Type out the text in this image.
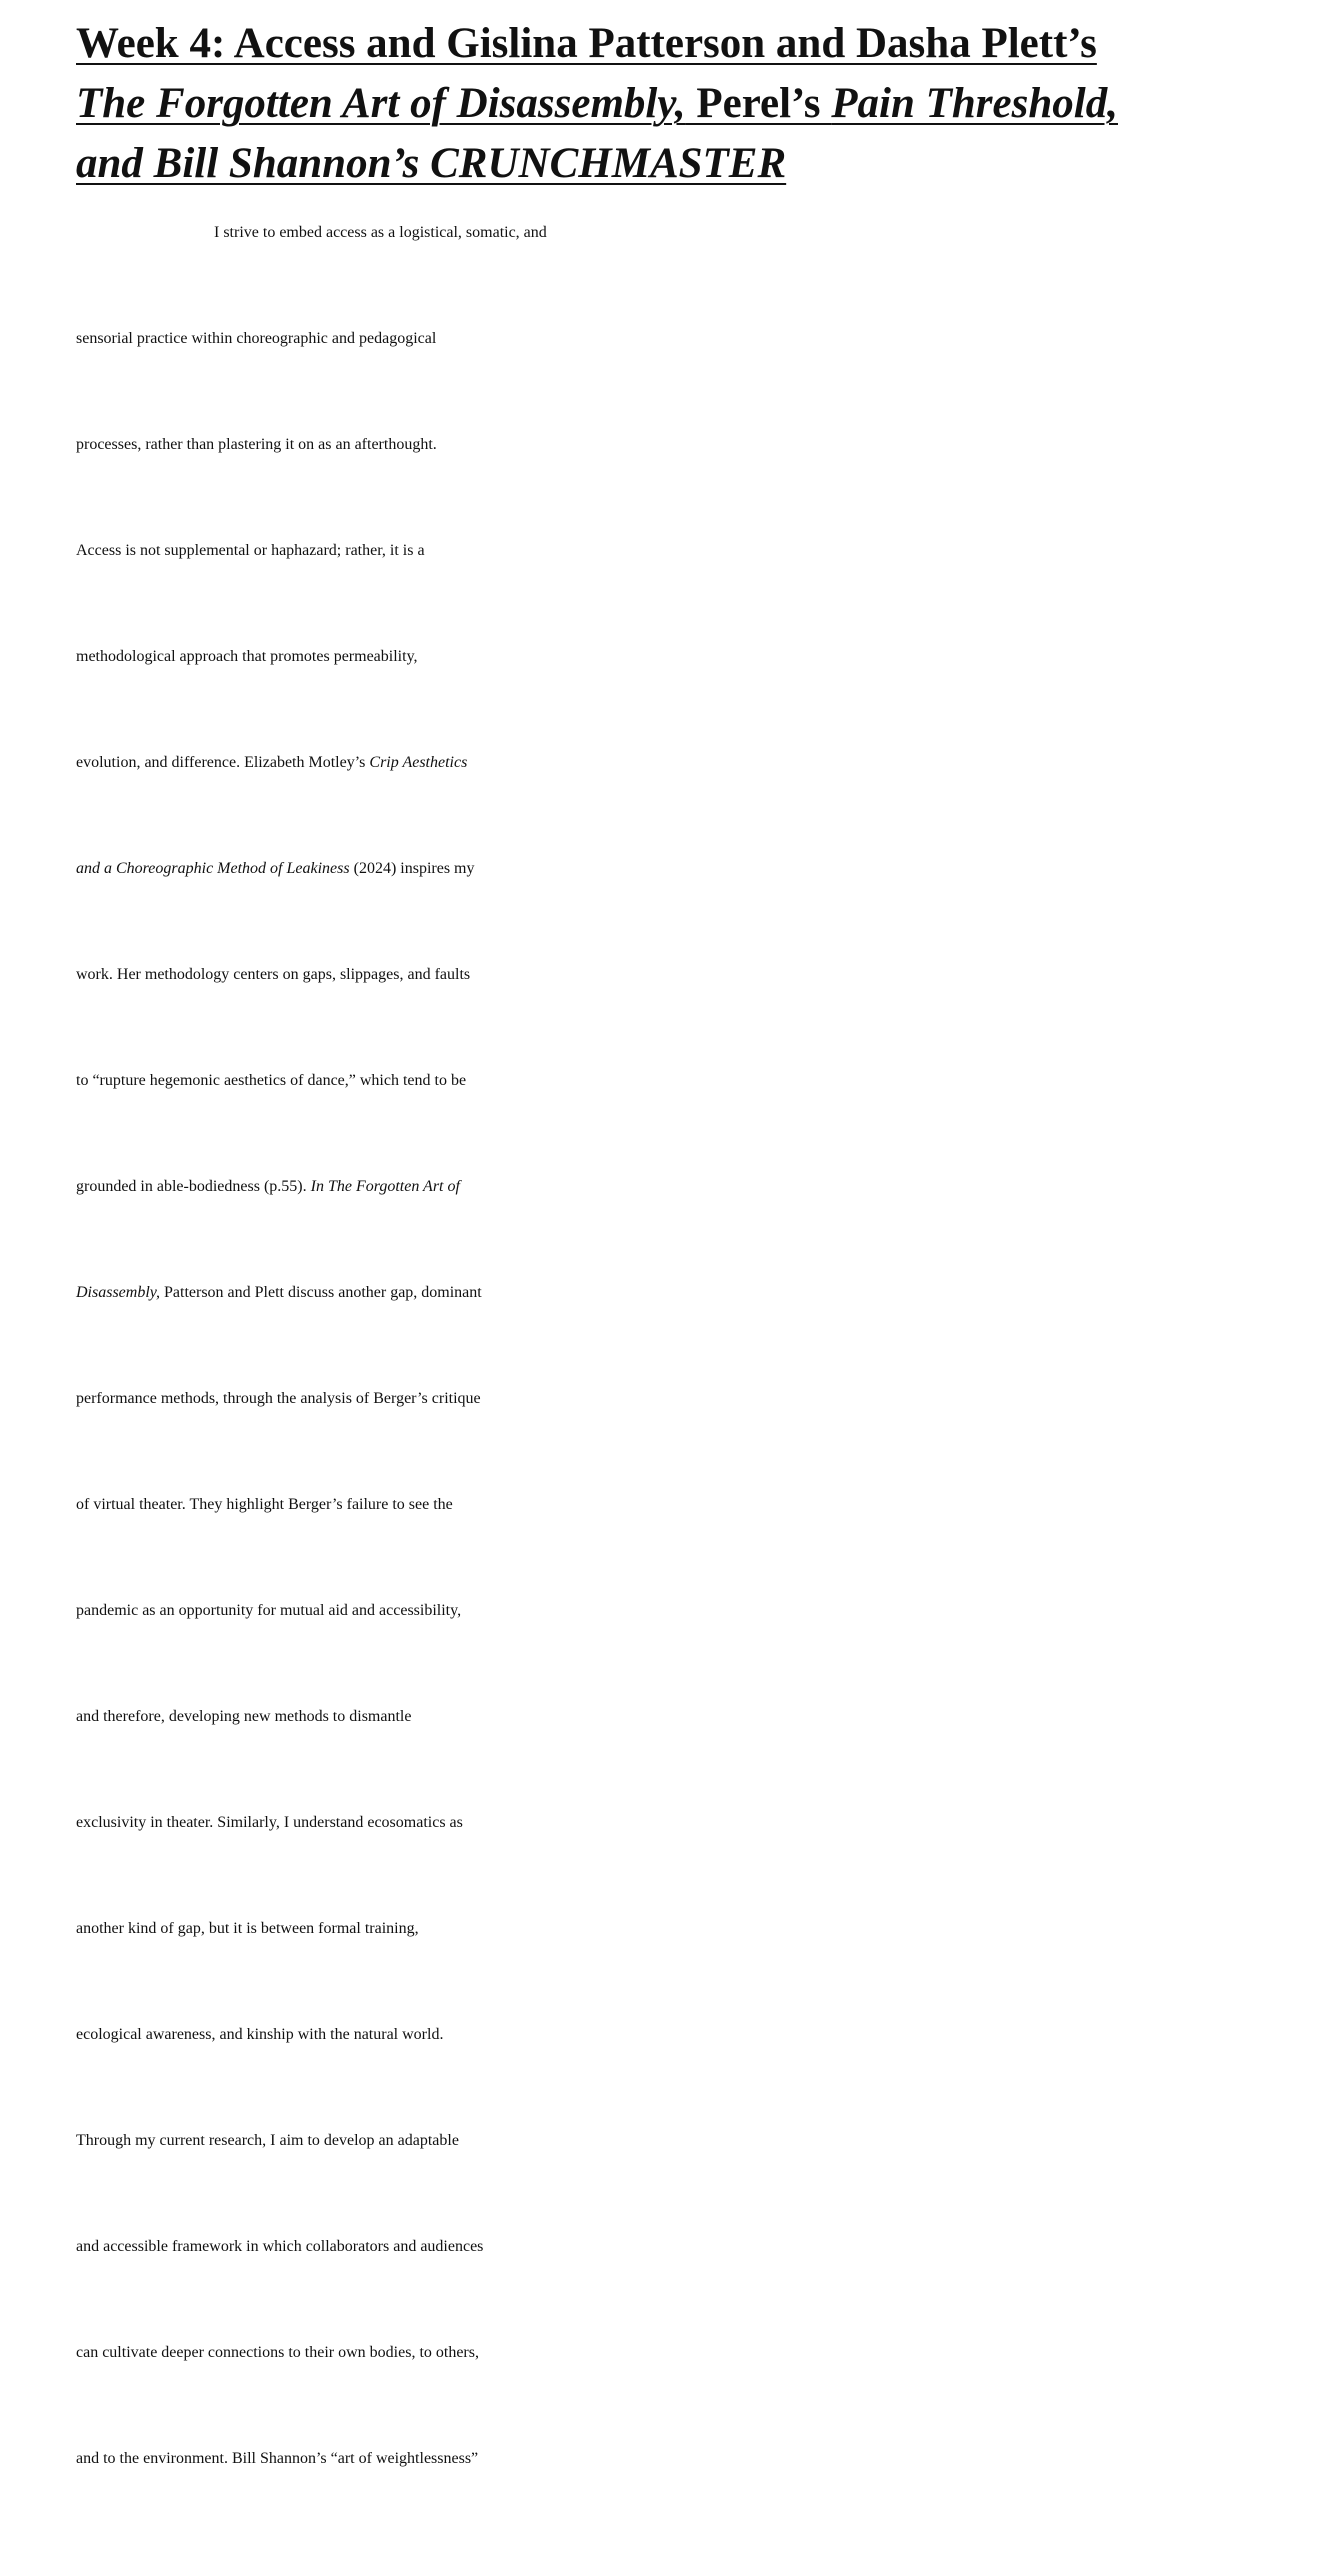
Week 4: Access and Gislina Patterson and Dasha Plett’s
The Forgotten Art of Disassembly, Perel’s Pain Threshold,
and Bill Shannon’s CRUNCHMASTER
I strive to embed access as a logistical, somatic, and
sensorial practice within choreographic and pedagogical
processes, rather than plastering it on as an afterthought.
Access is not supplemental or haphazard; rather, it is a
methodological approach that promotes permeability,
evolution, and difference. Elizabeth Motley’s Crip Aesthetics
and a Choreographic Method of Leakiness (2024) inspires my
work. Her methodology centers on gaps, slippages, and faults
to “rupture hegemonic aesthetics of dance,” which tend to be
grounded in able-bodiedness (p.55). In The Forgotten Art of
Disassembly, Patterson and Plett discuss another gap, dominant
performance methods, through the analysis of Berger’s critique
of virtual theater. They highlight Berger’s failure to see the
pandemic as an opportunity for mutual aid and accessibility,
and therefore, developing new methods to dismantle
exclusivity in theater. Similarly, I understand ecosomatics as
another kind of gap, but it is between formal training,
ecological awareness, and kinship with the natural world.
Through my current research, I aim to develop an adaptable
and accessible framework in which collaborators and audiences
can cultivate deeper connections to their own bodies, to others,
and to the environment. Bill Shannon’s “art of weightlessness”
